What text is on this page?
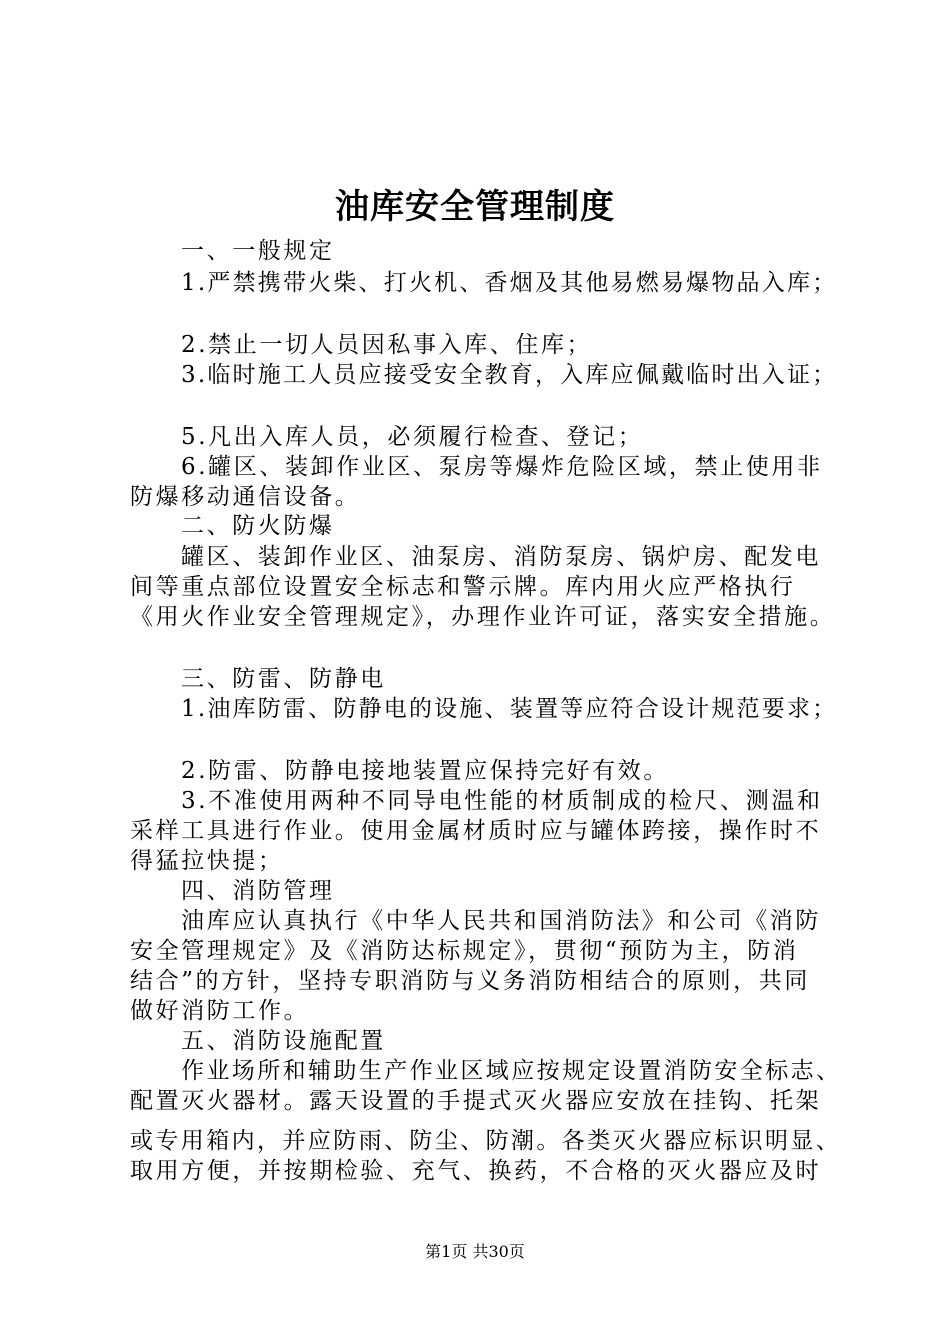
油库安全管理制度
一、一般规定
1.严禁携带火柴、打火机、香烟及其他易燃易爆物品入库；
2.禁止一切人员因私事入库、住库；
3.临时施工人员应接受安全教育，入库应佩戴临时出入证；
5.凡出入库人员，必须履行检查、登记；
6.罐区、装卸作业区、泵房等爆炸危险区域，禁止使用非
防爆移动通信设备。
二、防火防爆
罐区、装卸作业区、油泵房、消防泵房、锅炉房、配发电
间等重点部位设置安全标志和警示牌。库内用火应严格执行
《用火作业安全管理规定》，办理作业许可证，落实安全措施。
三、防雷、防静电
1.油库防雷、防静电的设施、装置等应符合设计规范要求；
2.防雷、防静电接地装置应保持完好有效。
3.不准使用两种不同导电性能的材质制成的检尺、测温和
采样工具进行作业。使用金属材质时应与罐体跨接，操作时不
得猛拉快提；
四、消防管理
油库应认真执行《中华人民共和国消防法》和公司《消防
安全管理规定》及《消防达标规定》，贯彻“预防为主，防消
结合”的方针，坚持专职消防与义务消防相结合的原则，共同
做好消防工作。
五、消防设施配置
作业场所和辅助生产作业区域应按规定设置消防安全标志、
配置灭火器材。露天设置的手提式灭火器应安放在挂钩、托架
或专用箱内，并应防雨、防尘、防潮。各类灭火器应标识明显、
取用方便，并按期检验、充气、换药，不合格的灭火器应及时
第1页 共30页
